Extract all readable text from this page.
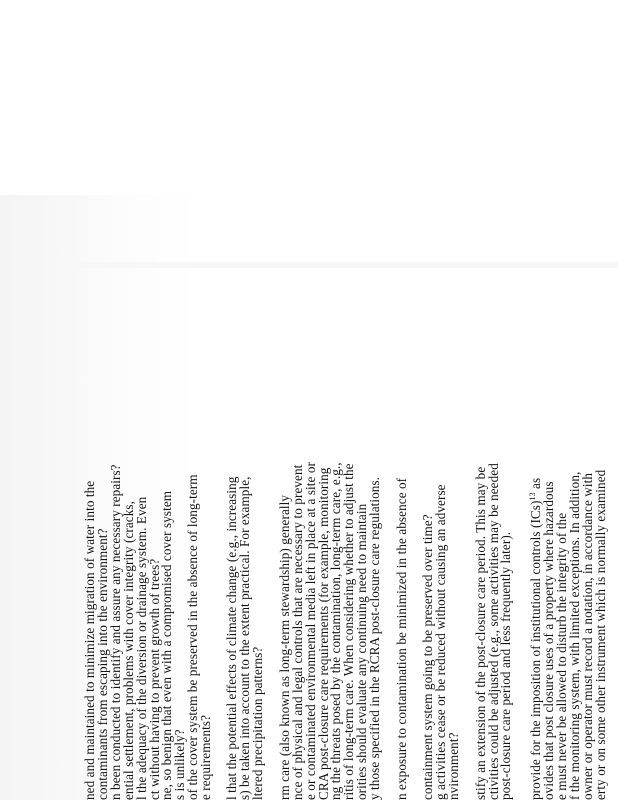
ned and maintained to minimize migration of water into the

contaminants from escaping into the environment?

n been conducted to identify and assure any necessary repairs?

ential settlement, problems with cover integrity (cracks,

l the adequacy of the diversion or drainage system. Even

ct without having to prevent growth of trees?

ne, so benign that even with a compromised cover system

s is unlikely?

of the cover system be preserved in the absence of long-term

e requirements? l that the potential effects of climate change (e.g., increasing

s) be taken into account to the extent practical. For example,

ltered precipitation patterns? rm care (also known as long-term stewardship) generally

nce of physical and legal controls that are necessary to prevent

e or contaminated environmental media left in place at a site or

CRA post-closure care requirements (for example, monitoring

ng the threats posed by the contamination, long-term care, e.g.,

ritis of long-term care. When considering whether to adjust the

orities should evaluate any continuing need to maintain

y those specified in the RCRA post-closure care regulations. n exposure to contamination be minimized in the absence of containment system going to be preserved over time?

g activities cease or be reduced without causing an adverse

nvironment? stify an extension of the post-closure care period. This may be

ctivities could be adjusted (e.g., some activities may be needed

post-closure care period and less frequently later). provide for the imposition of institutional controls (ICs)$^{13}$ as

ovides that post closure uses of a property where hazardous

e must never be allowed to disturb the integrity of the

f the monitoring system, with limited exceptions. In addition,

owner or operator must record a notation, in accordance with

erty or on some other instrument which is normally examined
